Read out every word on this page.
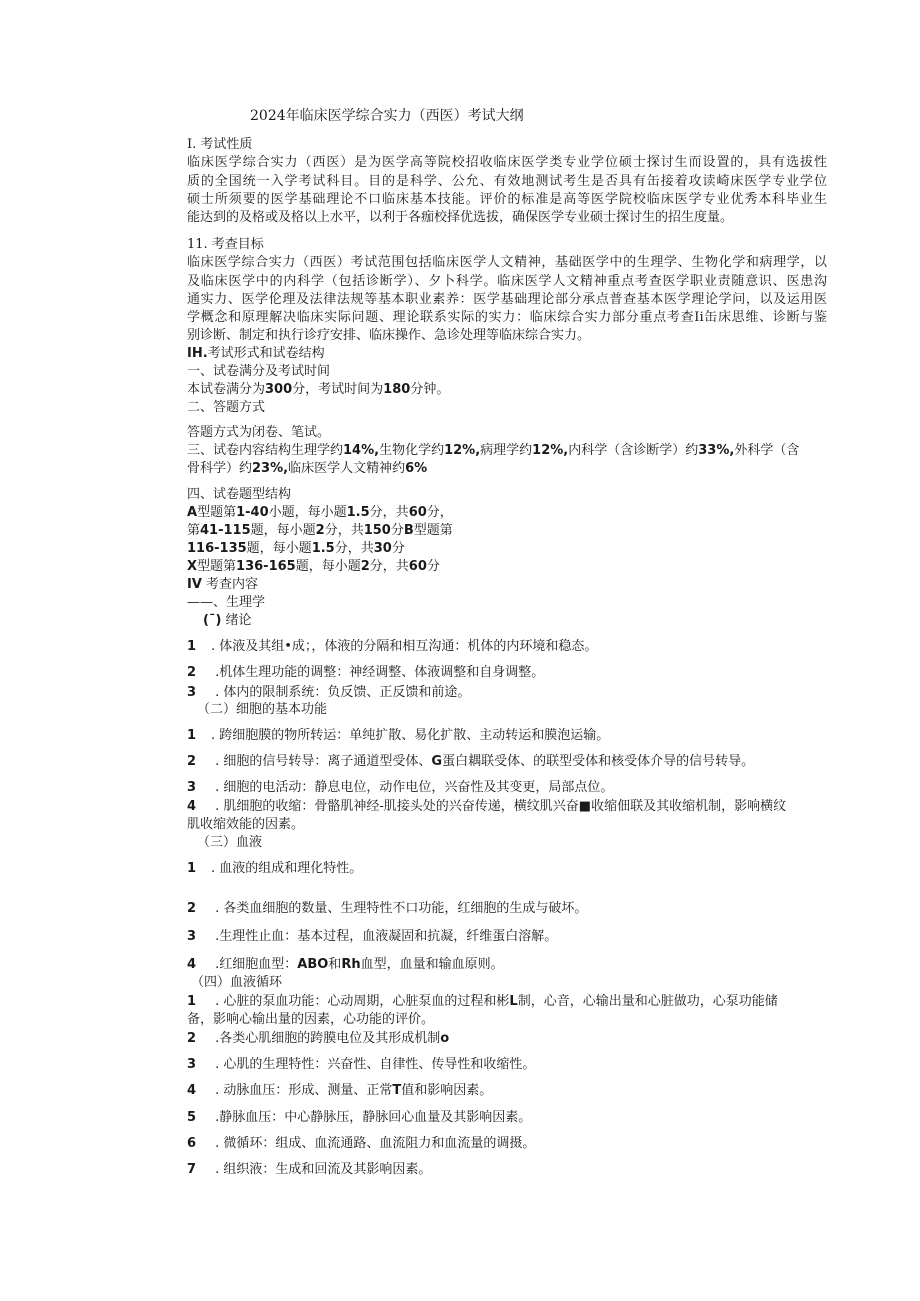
2024年临床医学综合实力（西医）考试大纲
I. 考试性质
临床医学综合实力（西医）是为医学高等院校招收临床医学类专业学位硕士探讨生而设置的，具有选拔性
质的全国统一入学考试科目。目的是科学、公允、有效地测试考生是否具有缶接着攻读崎床医学专业学位
硕士所须要的医学基础理论不口临床基本技能。评价的标准是高等医学院校临床医学专业优秀本科毕业生
能达到的及格或及格以上水平，以利于各痂校择优选拔，确保医学专业硕士探讨生的招生度量。
11. 考查目标
临床医学综合实力（西医）考试范围包括临床医学人文精神，基础医学中的生理学、生物化学和病理学，以
及临床医学中的内科学（包括诊断学）、夕卜科学。临床医学人文精神重点考查医学职业责随意识、医患沟
通实力、医学伦理及法律法规等基本职业素养：医学基础理论部分承点普查基本医学理论学问，以及运用医
学概念和原理解决临床实际问题、理论联系实际的实力：临床综合实力部分重点考查Ii缶床思维、诊断与鉴
别诊断、制定和执行诊疗安排、临床操作、急诊处理等临床综合实力。
IH.考试形式和试卷结构
一、试卷满分及考试时间
本试卷满分为300分，考试时间为180分钟。
二、答题方式
答题方式为闭卷、笔试。
三、试卷内容结构生理学约14%,生物化学约12%,病理学约12%,内科学（含诊断学）约33%,外科学（含
骨科学）约23%,临床医学人文精神约6%
四、试卷题型结构
A型题第1-40小题，每小题1.5分，共60分，
第41-115题，每小题2分，共150分B型题第
116-135题，每小题1.5分，共30分
X型题第136-165题，每小题2分，共60分
IV 考查内容
——、生理学
(¯) 绪论
1 . 体液及其组•成；，体液的分隔和相互沟通：机体的内环境和稳态。
2 .机体生理功能的调整：神经调整、体液调整和自身调整。
3 . 体内的限制系统：负反馈、正反馈和前途。
（二）细胞的基本功能
1 . 跨细胞膜的物所转运：单纯扩散、易化扩散、主动转运和膜泡运输。
2 . 细胞的信号转导：离子通道型受体、G蛋白耦联受体、的联型受体和核受体介导的信号转导。
3 . 细胞的电活动：静息电位，动作电位，兴奋性及其变更，局部点位。
4 . 肌细胞的收缩：骨骼肌神经-肌接头处的兴奋传递，横纹肌兴奋■收缩佃联及其收缩机制，影响横纹
肌收缩效能的因素。
（三）血液
1 . 血液的组成和理化特性。
2 . 各类血细胞的数量、生理特性不口功能，红细胞的生成与破坏。
3 .生理性止血：基本过程，血液凝固和抗凝，纤维蛋白溶解。
4 .红细胞血型：ABO和Rh血型，血量和输血原则。
（四）血液循环
1 . 心脏的泵血功能：心动周期，心脏泵血的过程和彬L制，心音，心输出量和心脏做功，心泵功能储
备，影响心输出量的因素，心功能的评价。
2 .各类心肌细胞的跨膜电位及其形成机制o
3 . 心肌的生理特性：兴奋性、自律性、传导性和收缩性。
4 . 动脉血压：形成、测量、正常T值和影响因素。
5 .静脉血压：中心静脉压，静脉回心血量及其影响因素。
6 . 微循环：组成、血流通路、血流阻力和血流量的调摄。
7 . 组织液：生成和回流及其影响因素。
